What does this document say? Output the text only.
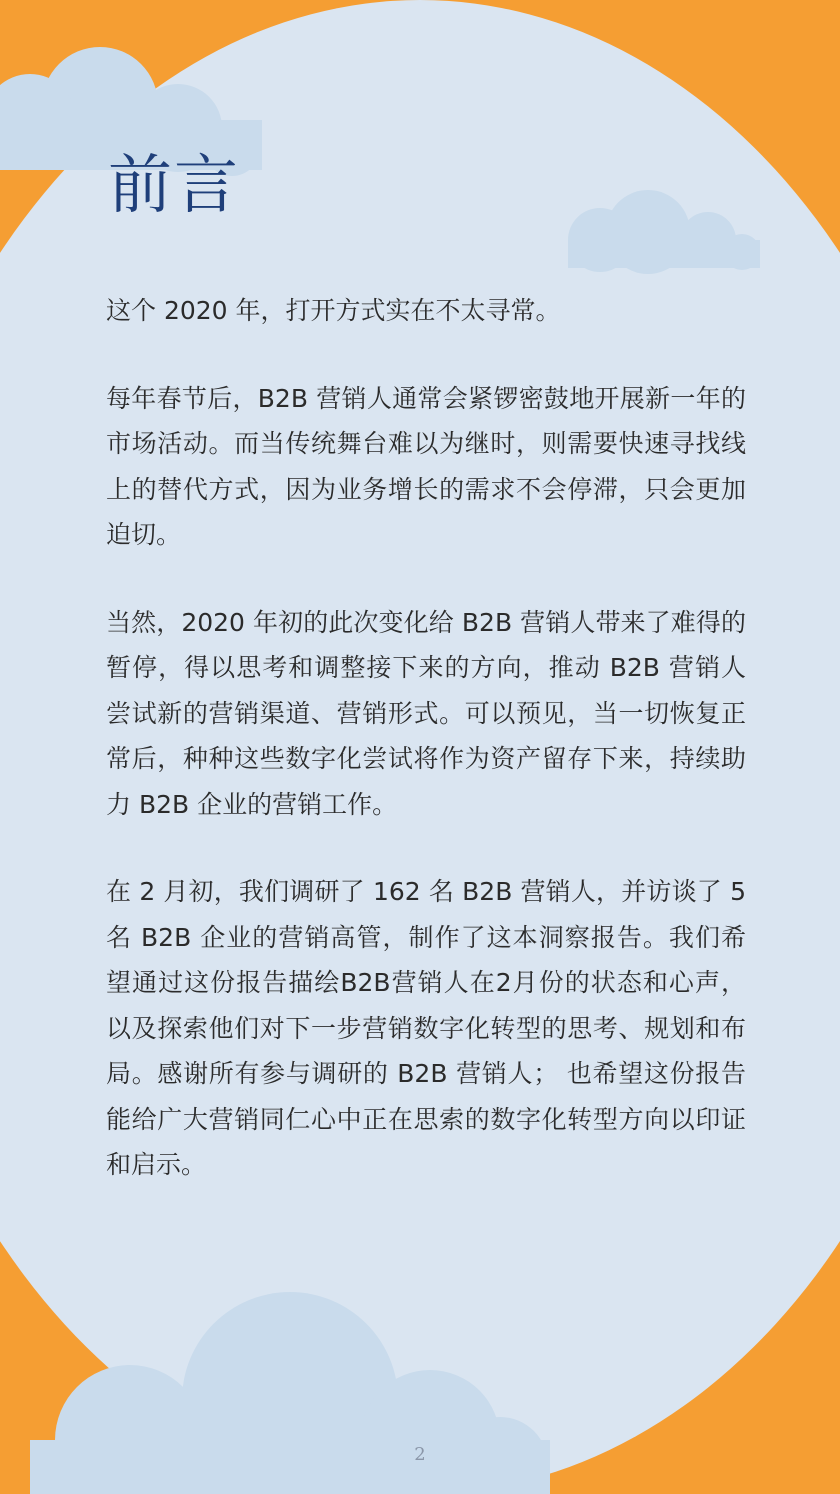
前言

这个 2020 年，打开方式实在不太寻常。

每年春节后，B2B 营销人通常会紧锣密鼓地开展新一年的市场活动。而当传统舞台难以为继时，则需要快速寻找线上的替代方式，因为业务增长的需求不会停滞，只会更加迫切。

当然，2020 年初的此次变化给 B2B 营销人带来了难得的暂停，得以思考和调整接下来的方向，推动 B2B 营销人尝试新的营销渠道、营销形式。可以预见，当一切恢复正常后，种种这些数字化尝试将作为资产留存下来，持续助力 B2B 企业的营销工作。

在 2 月初，我们调研了 162 名 B2B 营销人，并访谈了 5 名 B2B 企业的营销高管，制作了这本洞察报告。我们希望通过这份报告描绘B2B营销人在2月份的状态和心声，以及探索他们对下一步营销数字化转型的思考、规划和布局。感谢所有参与调研的 B2B 营销人； 也希望这份报告能给广大营销同仁心中正在思索的数字化转型方向以印证和启示。

2
